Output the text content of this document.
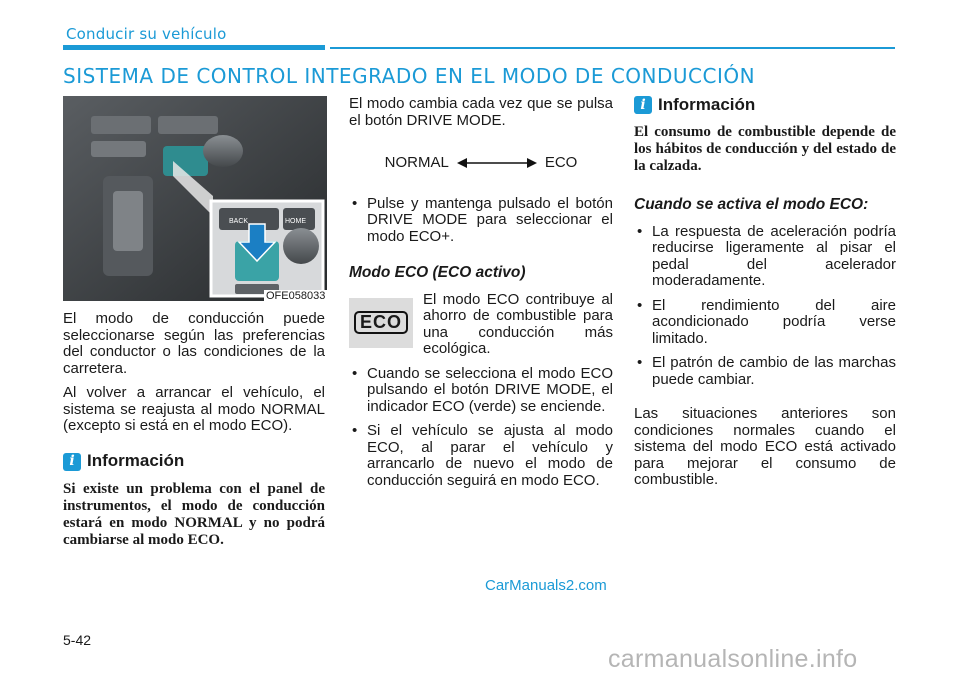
Conducir su vehículo
SISTEMA DE CONTROL INTEGRADO EN EL MODO DE CONDUCCIÓN
BACK	HOME
OFE058033

El modo de conducción puede seleccionarse según las preferencias del conductor o las condiciones de la carretera.

Al volver a arrancar el vehículo, el sistema se reajusta al modo NORMAL (excepto si está en el modo ECO).

i Información

Si existe un problema con el panel de instrumentos, el modo de conducción estará en modo NORMAL y no podrá cambiarse al modo ECO.

El modo cambia cada vez que se pulsa el botón DRIVE MODE.

NORMAL	ECO
• Pulse y mantenga pulsado el botón DRIVE MODE para seleccionar el modo ECO+.
Modo ECO (ECO activo)
ECO
El modo ECO contribuye al ahorro de combustible para una conducción más ecológica.
• Cuando se selecciona el modo ECO pulsando el botón DRIVE MODE, el indicador ECO (verde) se enciende.
• Si el vehículo se ajusta al modo ECO, al parar el vehículo y arrancarlo de nuevo el modo de conducción seguirá en modo ECO.
i Información

El consumo de combustible depende de los hábitos de conducción y del estado de la calzada.

Cuando se activa el modo ECO:
• La respuesta de aceleración podría reducirse ligeramente al pisar el pedal del acelerador moderadamente.
• El rendimiento del aire acondicionado podría verse limitado.
• El patrón de cambio de las marchas puede cambiar.

Las situaciones anteriores son condiciones normales cuando el sistema del modo ECO está activado para mejorar el consumo de combustible.

CarManuals2.com
5-42
carmanualsonline.info
